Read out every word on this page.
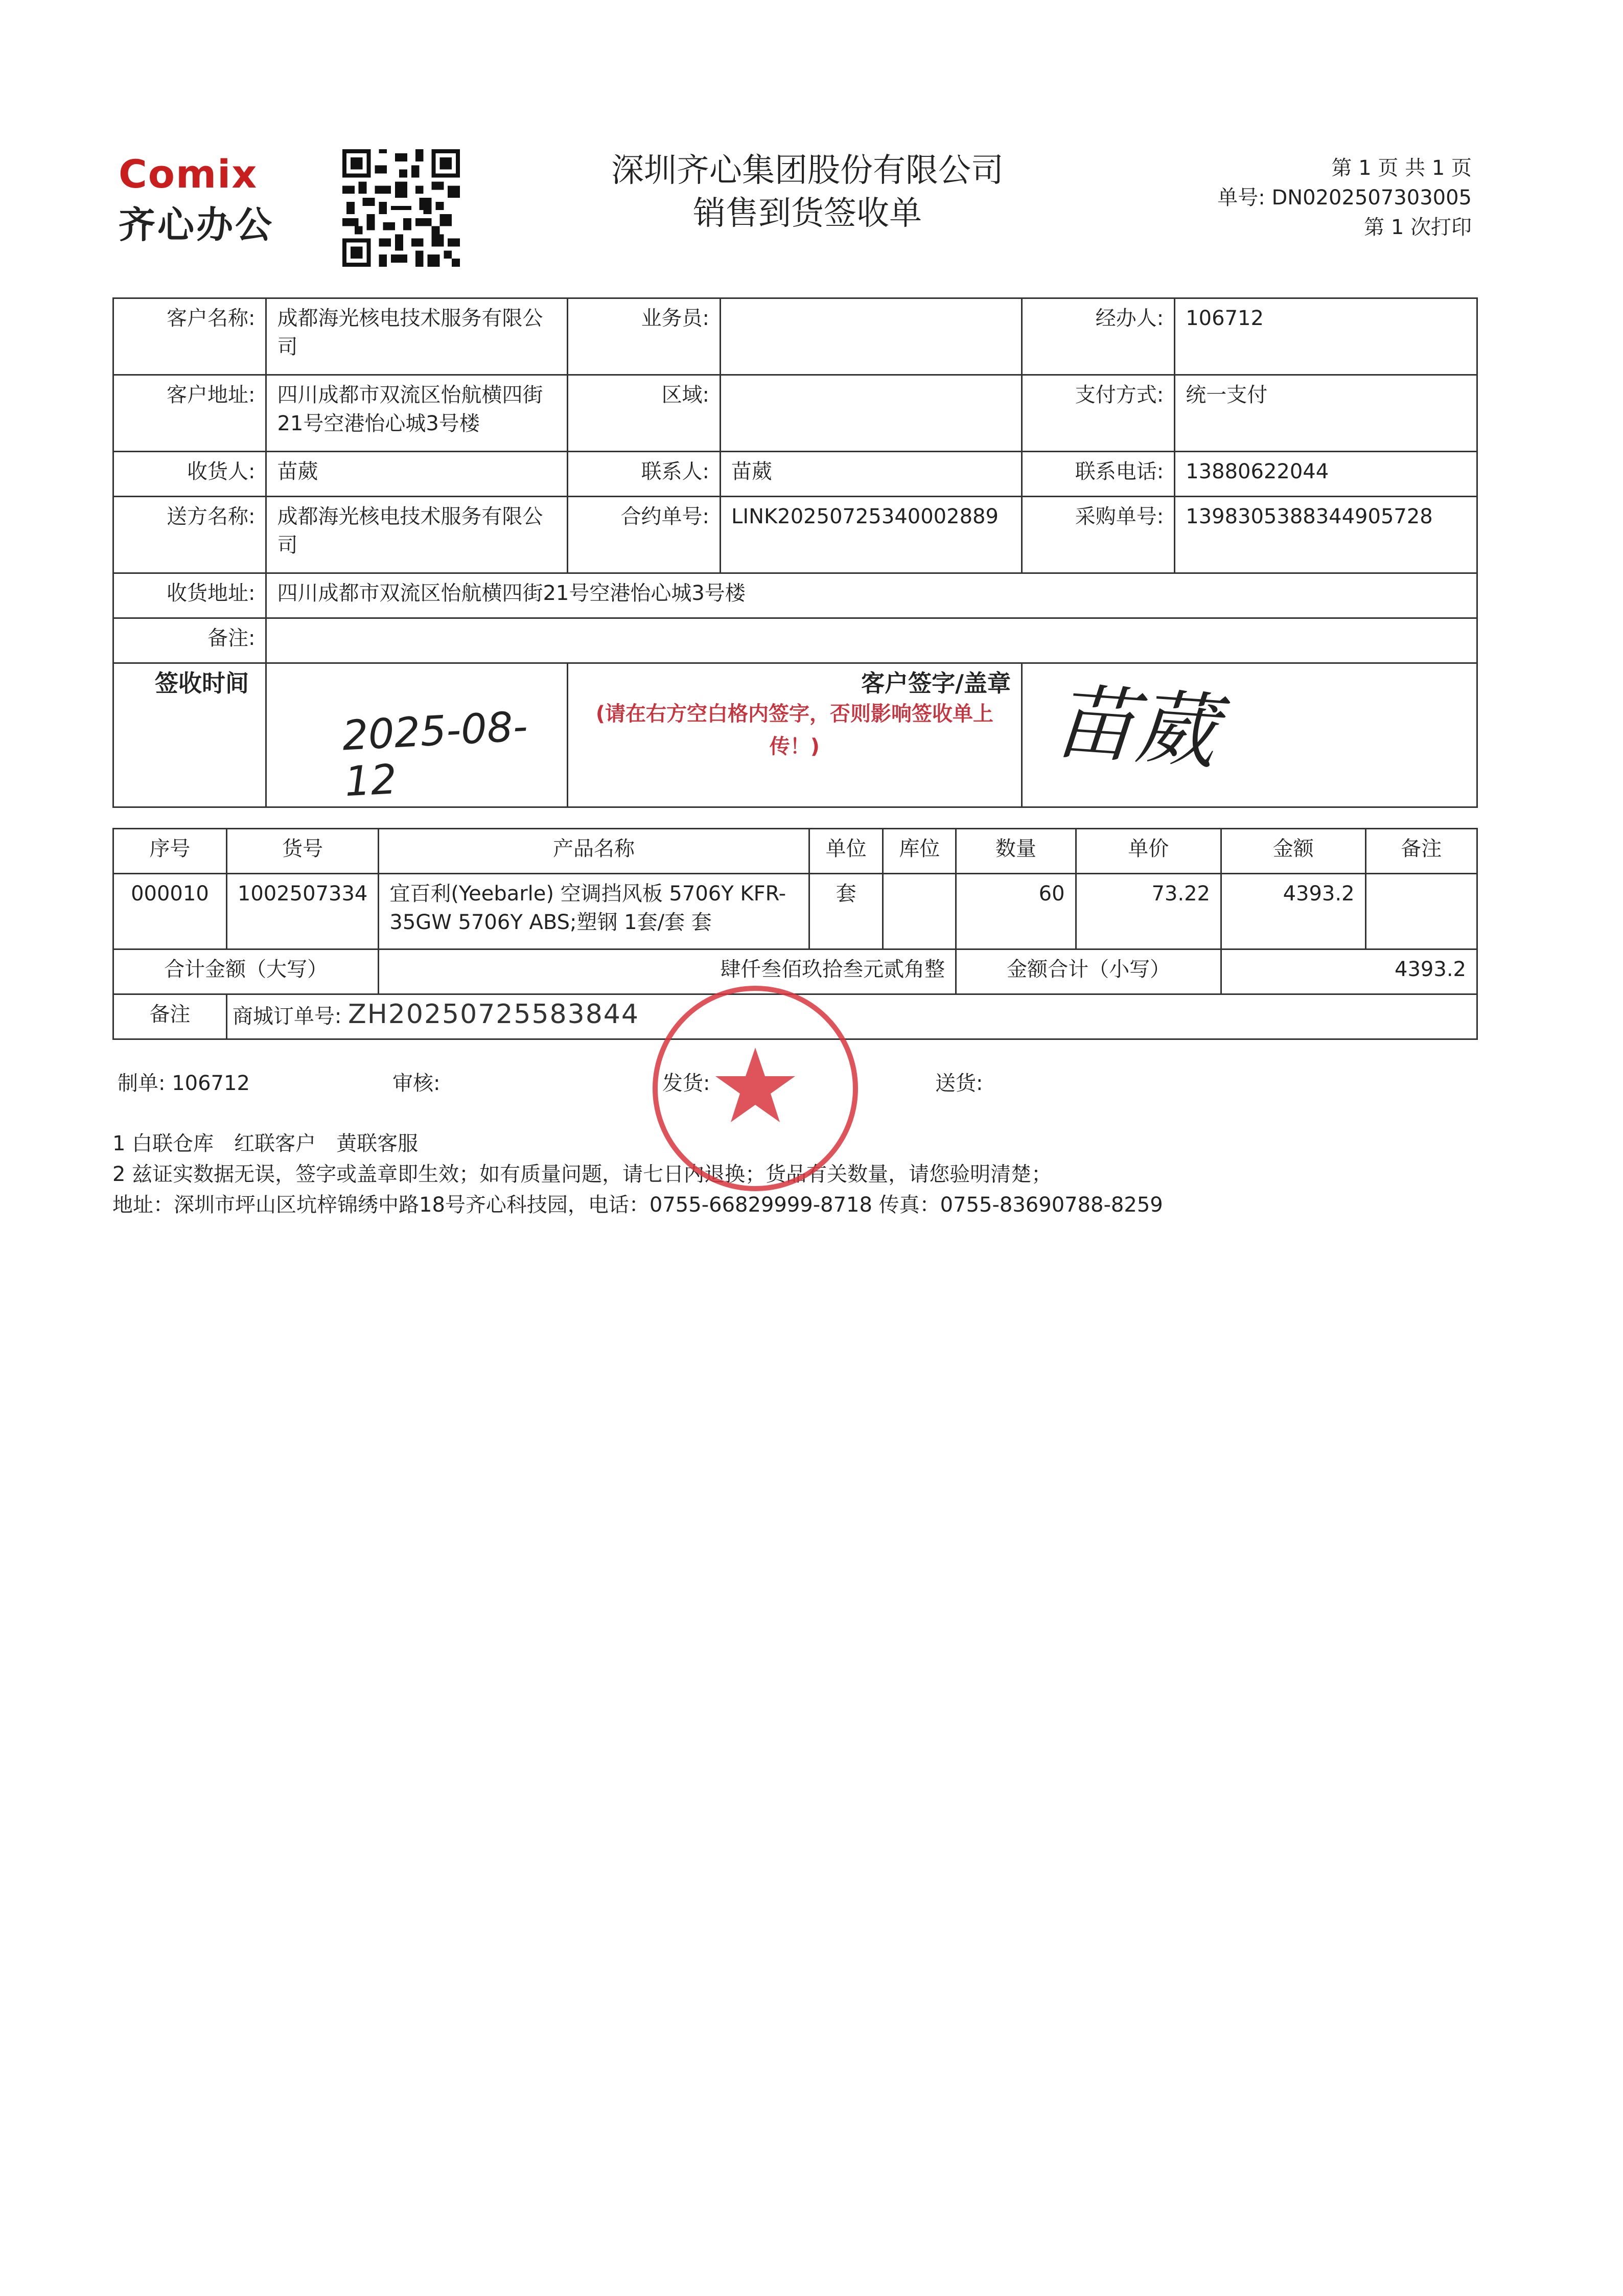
Comix
齐心办公
深圳齐心集团股份有限公司
销售到货签收单
第 1 页 共 1 页
单号: DN0202507303005
第 1 次打印
客户名称:	成都海光核电技术服务有限公司	业务员:		经办人:	106712
客户地址:	四川成都市双流区怡航横四街21号空港怡心城3号楼	区域:		支付方式:	统一支付
收货人:	苗葳	联系人:	苗葳	联系电话:	13880622044
送方名称:	成都海光核电技术服务有限公司	合约单号:	LINK20250725340002889	采购单号:	1398305388344905728
收货地址:	四川成都市双流区怡航横四街21号空港怡心城3号楼				
备注:					
签收时间	2025-08-12	客户签字/盖章
(请在右方空白格内签字，否则影响签收单上传！)		苗葳	
序号	货号	产品名称	单位	库位	数量	单价	金额	备注
000010	1002507334	宜百利(Yeebarle) 空调挡风板 5706Y KFR-35GW 5706Y ABS;塑钢 1套/套 套	套		60	73.22	4393.2	
合计金额（大写）		肆仟叁佰玖拾叁元贰角整			金额合计（小写）		4393.2	
备注	商城订单号: ZH20250725583844							
制单: 106712	审核:	发货:	送货:
1 白联仓库　红联客户　黄联客服
2 兹证实数据无误，签字或盖章即生效；如有质量问题，请七日内退换；货品有关数量，请您验明清楚；
地址：深圳市坪山区坑梓锦绣中路18号齐心科技园，电话：0755-66829999-8718 传真：0755-83690788-8259
